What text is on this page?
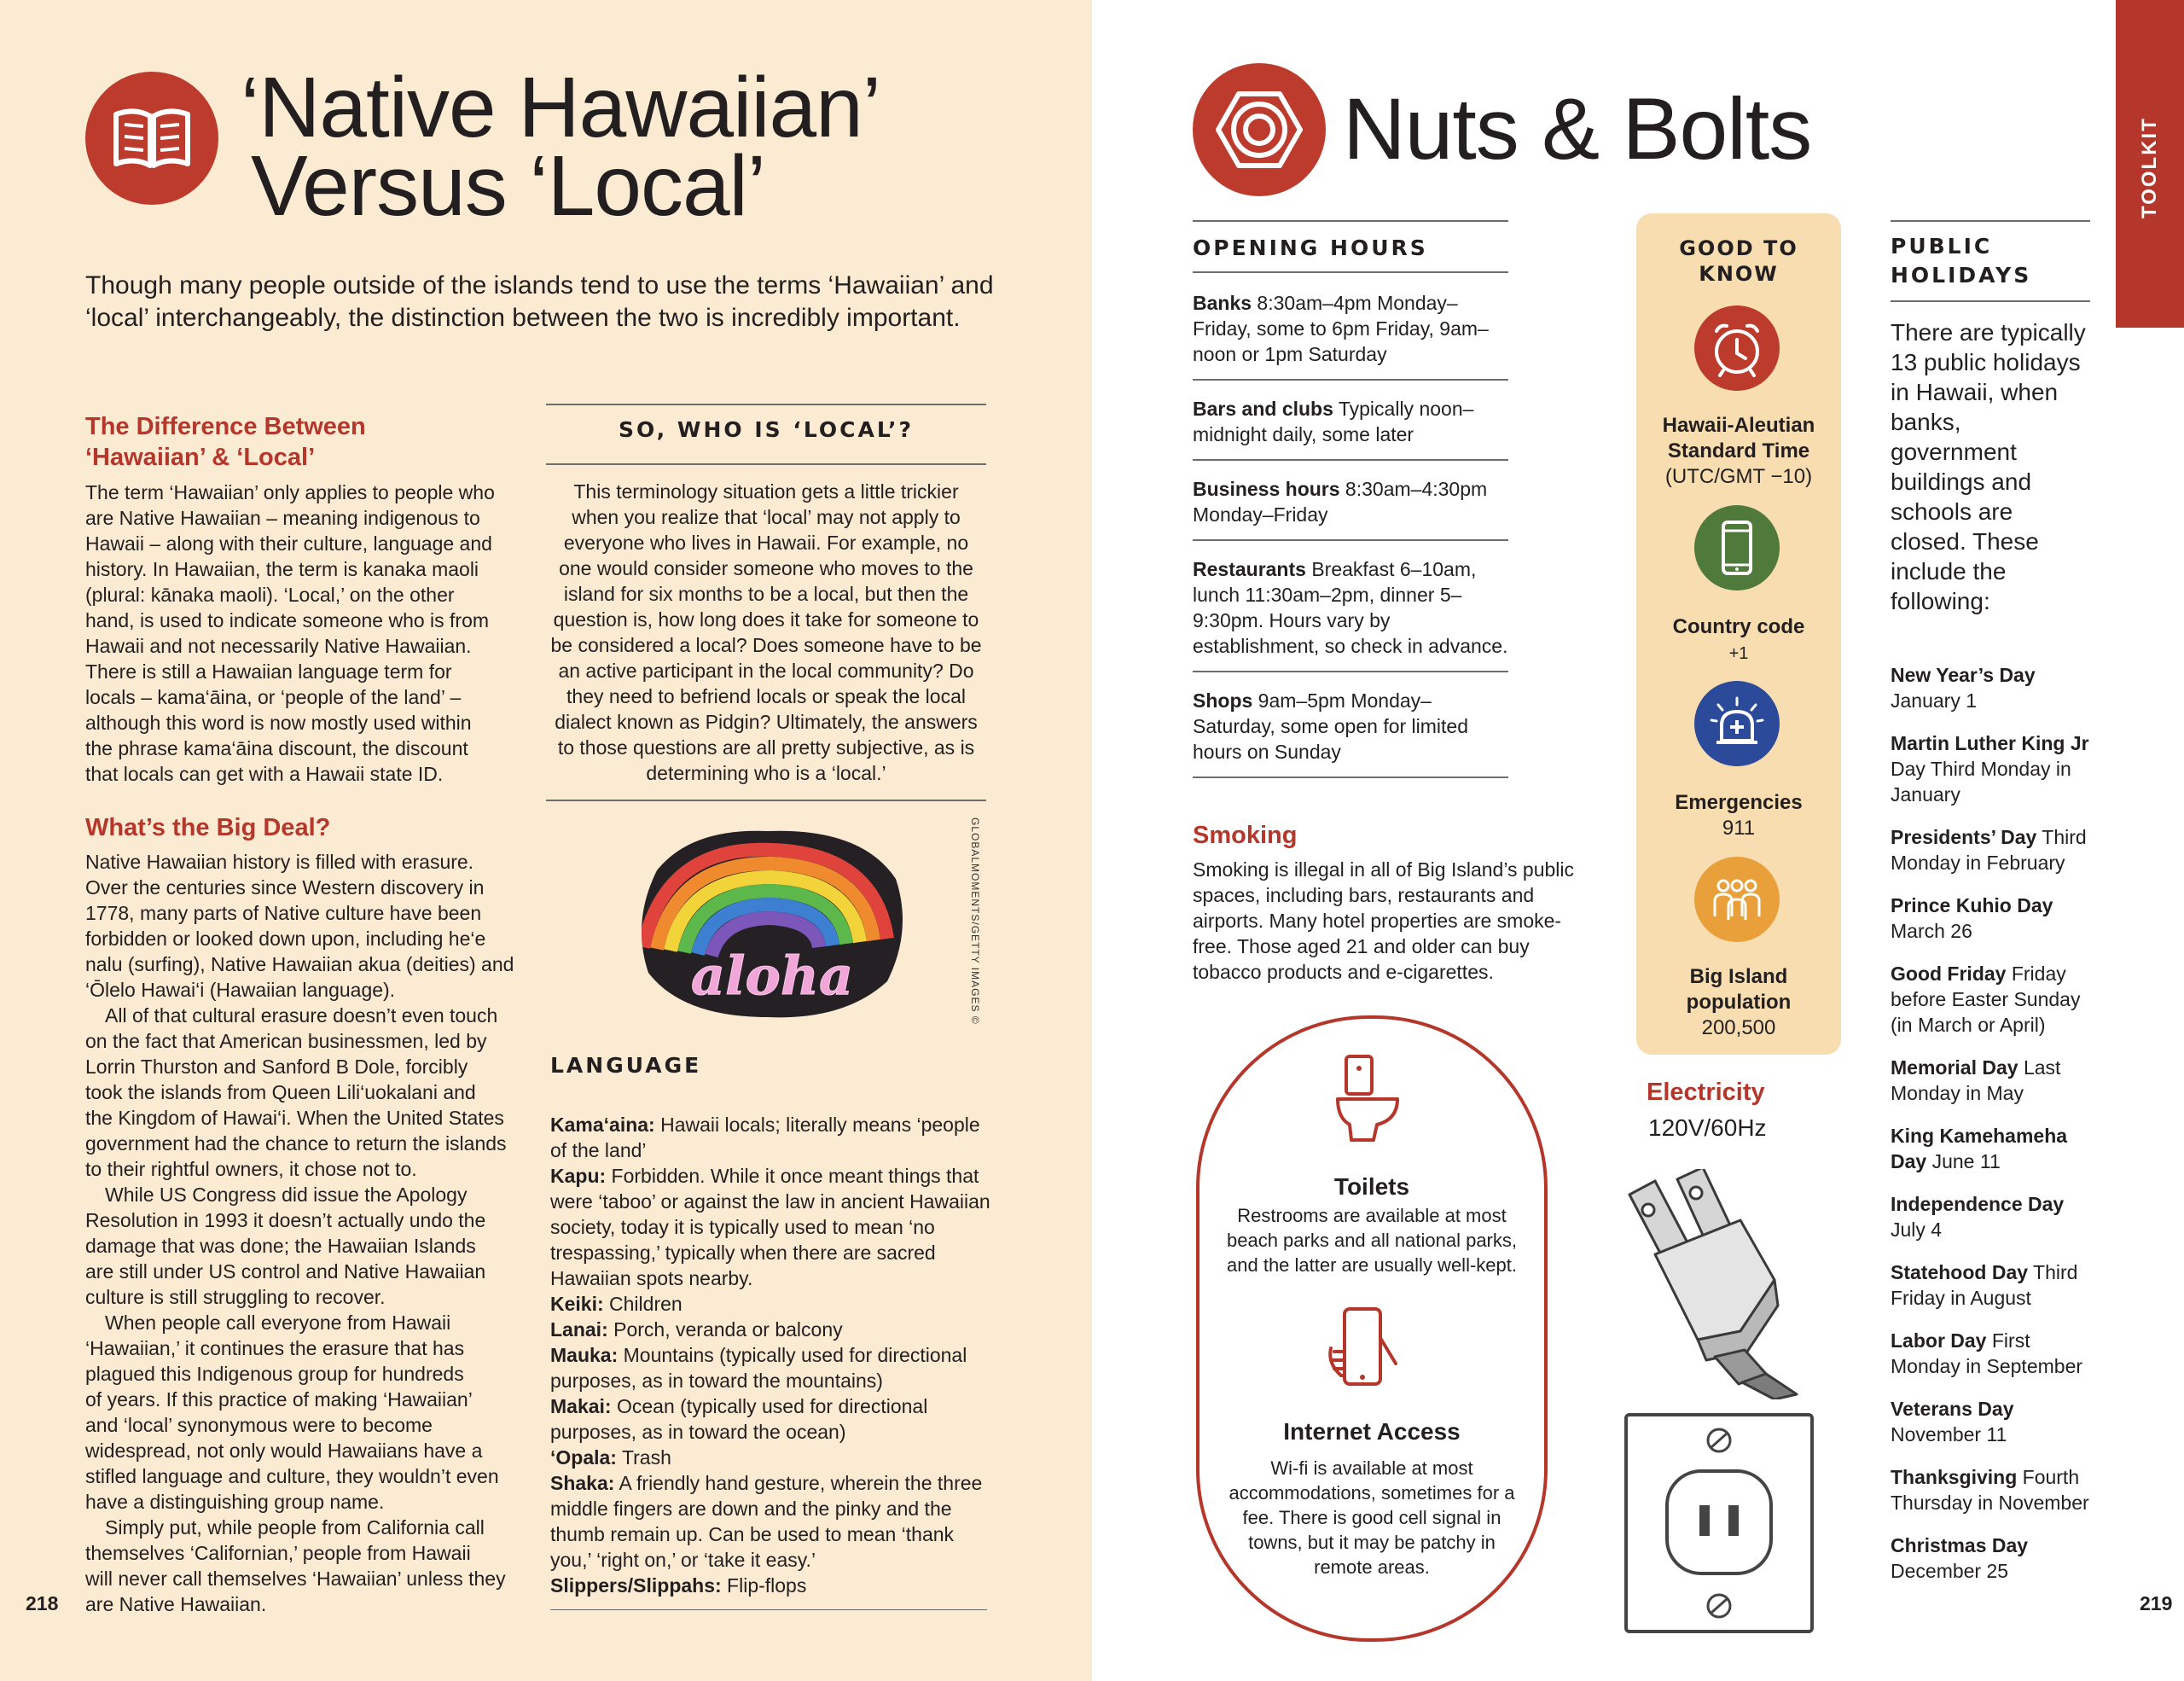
‘Native Hawaiian’
Versus ‘Local’

Though many people outside of the islands tend to use the terms ‘Hawaiian’ and ‘local’ interchangeably, the distinction between the two is incredibly important.

The Difference Between
‘Hawaiian’ & ‘Local’
The term ‘Hawaiian’ only applies to people who
are Native Hawaiian – meaning indigenous to
Hawaii – along with their culture, language and
history. In Hawaiian, the term is kanaka maoli
(plural: kānaka maoli). ‘Local,’ on the other
hand, is used to indicate someone who is from
Hawaii and not necessarily Native Hawaiian.
There is still a Hawaiian language term for
locals – kama‘āina, or ‘people of the land’ –
although this word is now mostly used within
the phrase kama‘āina discount, the discount
that locals can get with a Hawaii state ID.
What’s the Big Deal?
Native Hawaiian history is filled with erasure.
Over the centuries since Western discovery in
1778, many parts of Native culture have been
forbidden or looked down upon, including he‘e
nalu (surfing), Native Hawaiian akua (deities) and
‘Ōlelo Hawai‘i (Hawaiian language).
 All of that cultural erasure doesn’t even touch
on the fact that American businessmen, led by
Lorrin Thurston and Sanford B Dole, forcibly
took the islands from Queen Lili‘uokalani and
the Kingdom of Hawai‘i. When the United States
government had the chance to return the islands
to their rightful owners, it chose not to.
 While US Congress did issue the Apology
Resolution in 1993 it doesn’t actually undo the
damage that was done; the Hawaiian Islands
are still under US control and Native Hawaiian
culture is still struggling to recover.
 When people call everyone from Hawaii
‘Hawaiian,’ it continues the erasure that has
plagued this Indigenous group for hundreds
of years. If this practice of making ‘Hawaiian’
and ‘local’ synonymous were to become
widespread, not only would Hawaiians have a
stifled language and culture, they wouldn’t even
have a distinguishing group name.
 Simply put, while people from California call
themselves ‘Californian,’ people from Hawaii
will never call themselves ‘Hawaiian’ unless they
are Native Hawaiian.
218
SO, WHO IS ‘LOCAL’?
This terminology situation gets a little trickier
when you realize that ‘local’ may not apply to
everyone who lives in Hawaii. For example, no
one would consider someone who moves to the
island for six months to be a local, but then the
question is, how long does it take for someone to
be considered a local? Does someone have to be
an active participant in the local community? Do
they need to befriend locals or speak the local
dialect known as Pidgin? Ultimately, the answers
to those questions are all pretty subjective, as is
determining who is a ‘local.’
aloha	GLOBALMOMENTS/GETTY IMAGES ©
LANGUAGE
Kama‘aina: Hawaii locals; literally means ‘people of the land’
Kapu: Forbidden. While it once meant things that were ‘taboo’ or against the law in ancient Hawaiian society, today it is typically used to mean ‘no trespassing,’ typically when there are sacred Hawaiian spots nearby.
Keiki: Children
Lanai: Porch, veranda or balcony
Mauka: Mountains (typically used for directional purposes, as in toward the mountains)
Makai: Ocean (typically used for directional purposes, as in toward the ocean)
‘Opala: Trash
Shaka: A friendly hand gesture, wherein the three middle fingers are down and the pinky and the thumb remain up. Can be used to mean ‘thank you,’ ‘right on,’ or ‘take it easy.’
Slippers/Slippahs: Flip-flops
Nuts & Bolts	TOOLKIT
OPENING HOURS
Banks 8:30am–4pm Monday–Friday, some to 6pm Friday, 9am–noon or 1pm Saturday
Bars and clubs Typically noon–midnight daily, some later
Business hours 8:30am–4:30pm Monday–Friday
Restaurants Breakfast 6–10am, lunch 11:30am–2pm, dinner 5–9:30pm. Hours vary by establishment, so check in advance.
Shops 9am–5pm Monday–Saturday, some open for limited hours on Sunday
Smoking

Smoking is illegal in all of Big Island’s public spaces, including bars, restaurants and airports. Many hotel properties are smoke-free. Those aged 21 and older can buy tobacco products and e-cigarettes.

Toilets

Restrooms are available at most beach parks and all national parks, and the latter are usually well-kept.

Internet Access

Wi-fi is available at most accommodations, sometimes for a fee. There is good cell signal in towns, but it may be patchy in remote areas.

GOOD TO
KNOW
Hawaii-Aleutian
Standard Time
(UTC/GMT −10)
Country code
+1
Emergencies
911
Big Island
population
200,500
Electricity
120V/60Hz
PUBLIC
HOLIDAYS

There are typically 13 public holidays in Hawaii, when banks, government buildings and schools are closed. These include the following:

New Year’s Day January 1
Martin Luther King Jr Day Third Monday in January
Presidents’ Day Third Monday in February
Prince Kuhio Day March 26
Good Friday Friday before Easter Sunday (in March or April)
Memorial Day Last Monday in May
King Kamehameha Day June 11
Independence Day July 4
Statehood Day Third Friday in August
Labor Day First Monday in September
Veterans Day November 11
Thanksgiving Fourth Thursday in November
Christmas Day December 25
219
